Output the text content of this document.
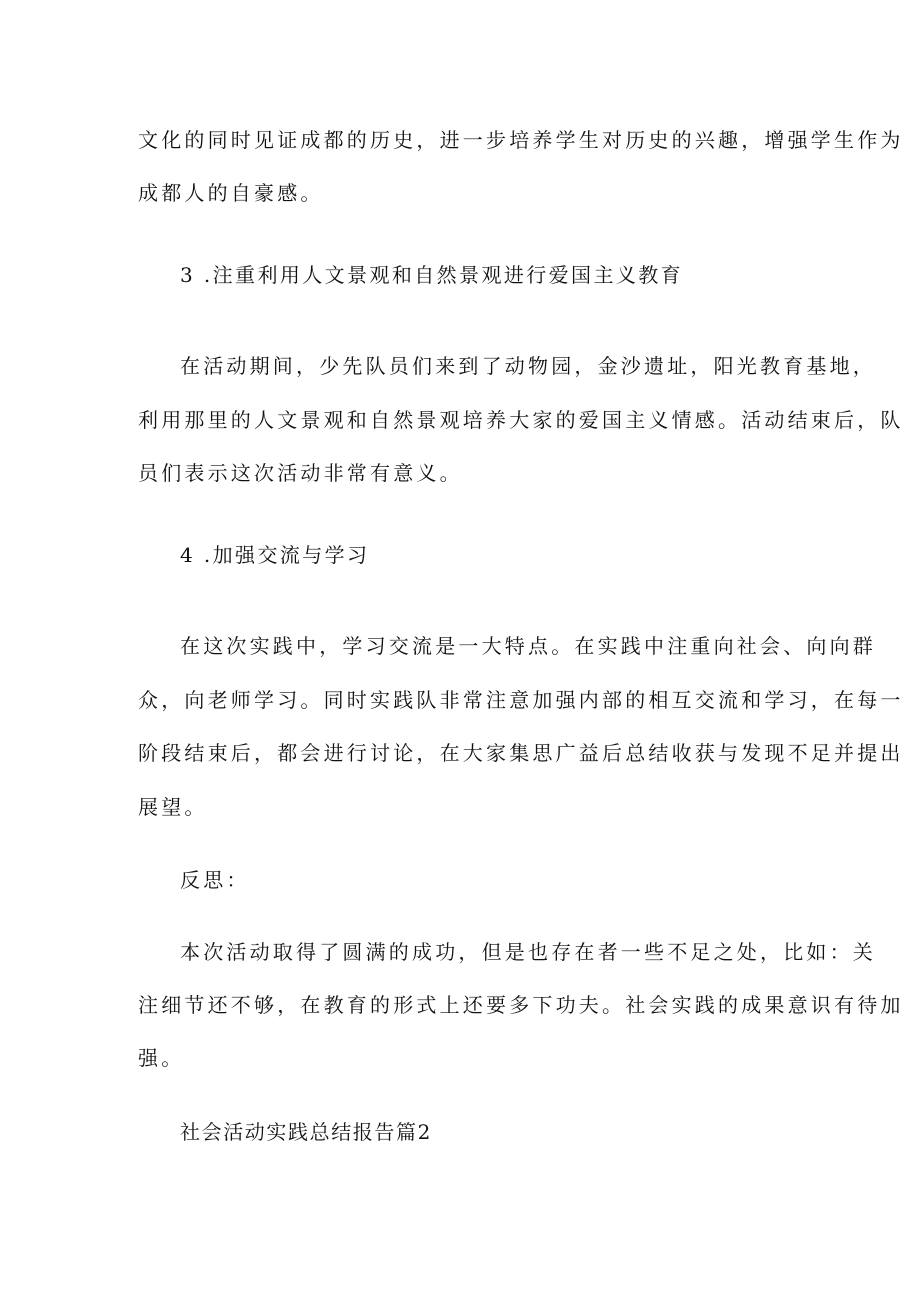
文化的同时见证成都的历史，进一步培养学生对历史的兴趣，增强学生作为
成都人的自豪感。
3 .注重利用人文景观和自然景观进行爱国主义教育
在活动期间，少先队员们来到了动物园，金沙遗址，阳光教育基地，
利用那里的人文景观和自然景观培养大家的爱国主义情感。活动结束后，队
员们表示这次活动非常有意义。
4 .加强交流与学习
在这次实践中，学习交流是一大特点。在实践中注重向社会、向向群
众，向老师学习。同时实践队非常注意加强内部的相互交流和学习，在每一
阶段结束后，都会进行讨论，在大家集思广益后总结收获与发现不足并提出
展望。
反思：
本次活动取得了圆满的成功，但是也存在者一些不足之处，比如：关
注细节还不够，在教育的形式上还要多下功夫。社会实践的成果意识有待加
强。
社会活动实践总结报告篇2
